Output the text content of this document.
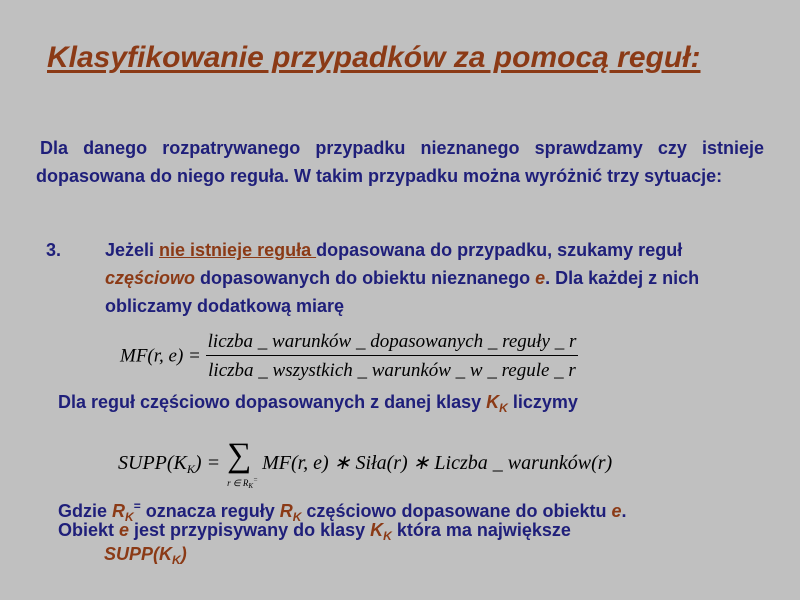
Klasyfikowanie przypadków za pomocą reguł:
Dla danego rozpatrywanego przypadku nieznanego sprawdzamy czy istnieje dopasowana do niego reguła. W takim przypadku można wyróżnić trzy sytuacje:
3. Jeżeli nie istnieje reguła dopasowana do przypadku, szukamy reguł częściowo dopasowanych do obiektu nieznanego e. Dla każdej z nich obliczamy dodatkową miarę
MF(r, $e) = \frac{\text{liczba \_ warunków \_ dopasowanych \_ reguły \_ r}}{\text{liczba \_ wszystkich \_ warunków \_ w \_ regule \_ r}}$
Dla reguł częściowo dopasowanych z danej klasy $K_K$ liczymy
$SUPP(K_K)$ = ∑
r ∈ $R_K^=$
MF(r, e) ∗ Siła(r) ∗ Liczba _ warunków(r)
Gdzie $R_K^=$ oznacza reguły $R_K$ częściowo dopasowane do obiektu e.
Obiekt e jest przypisywany do klasy $K_K$ która ma największe
$SUPP(K_K)$
